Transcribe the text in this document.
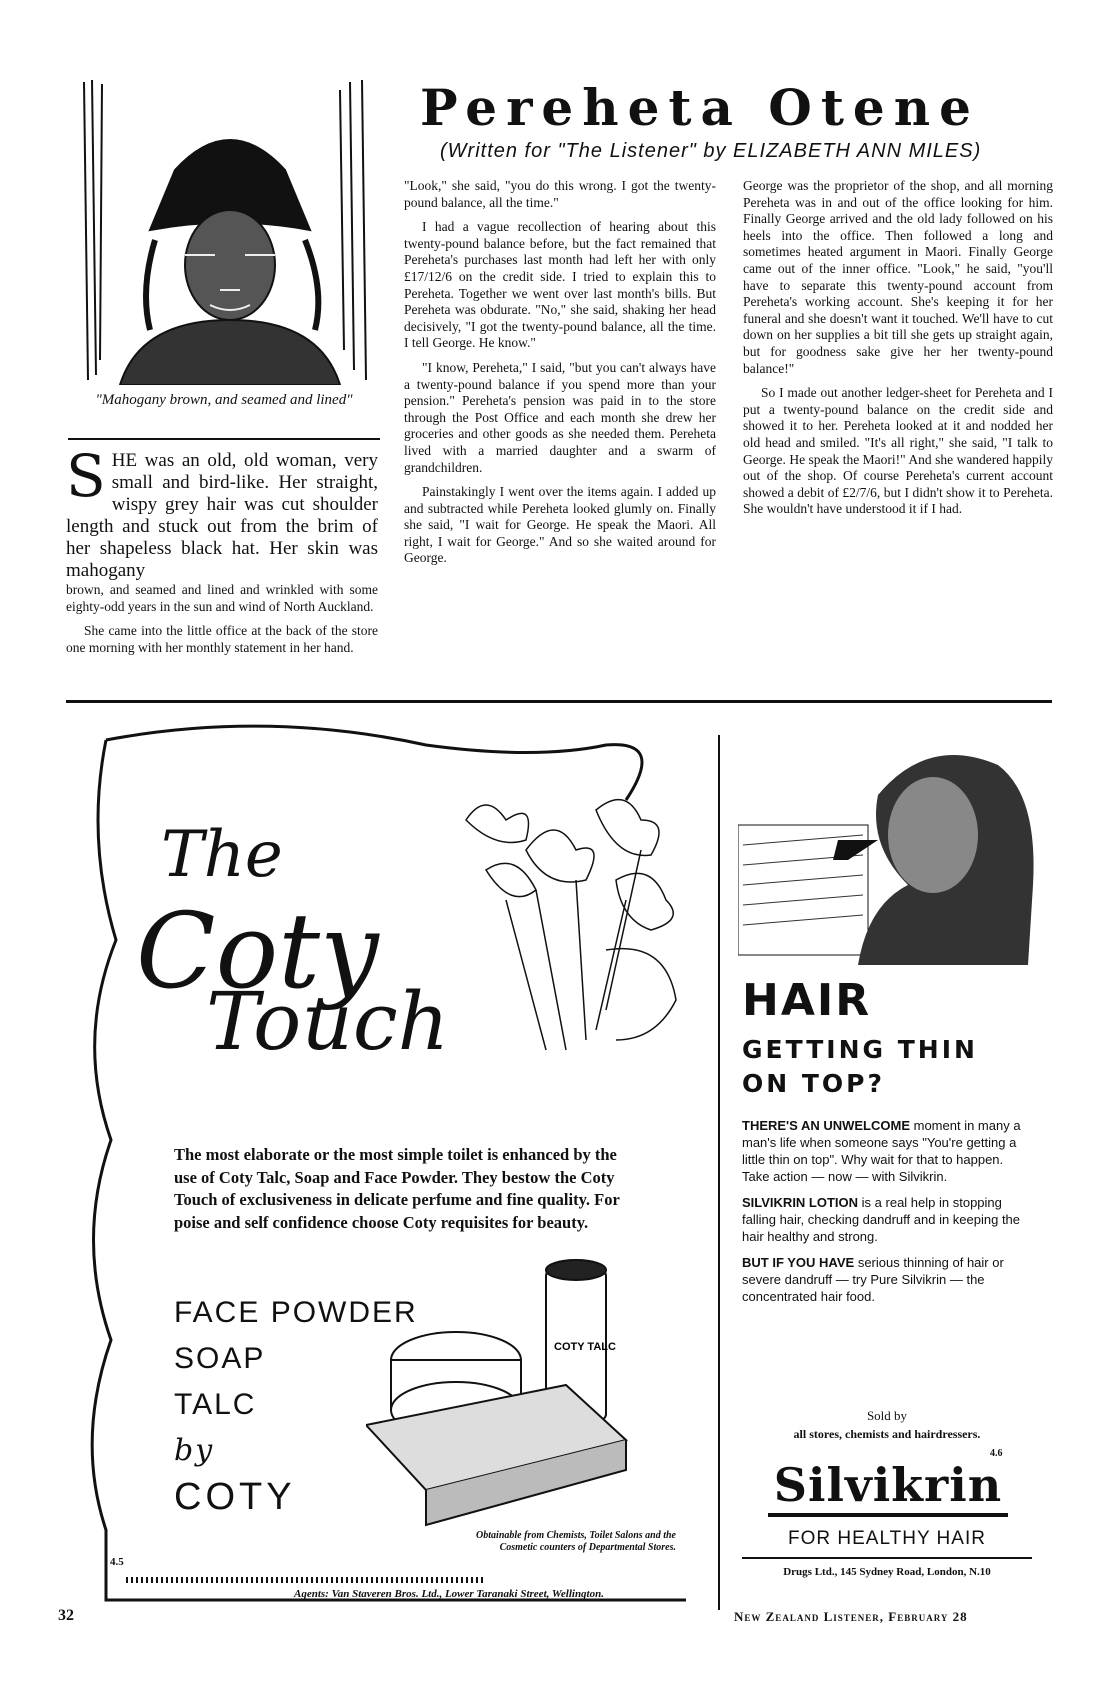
"Mahogany brown, and seamed and lined"
Pereheta Otene
(Written for "The Listener" by ELIZABETH ANN MILES)
SHE was an old, old woman, very small and bird-like. Her straight, wispy grey hair was cut shoulder length and stuck out from the brim of her shapeless black hat. Her skin was mahogany

brown, and seamed and lined and wrinkled with some eighty-odd years in the sun and wind of North Auckland.

She came into the little office at the back of the store one morning with her monthly statement in her hand.

"Look," she said, "you do this wrong. I got the twenty-pound balance, all the time."

I had a vague recollection of hearing about this twenty-pound balance before, but the fact remained that Pereheta's purchases last month had left her with only £17/12/6 on the credit side. I tried to explain this to Pereheta. Together we went over last month's bills. But Pereheta was obdurate. "No," she said, shaking her head decisively, "I got the twenty-pound balance, all the time. I tell George. He know."

"I know, Pereheta," I said, "but you can't always have a twenty-pound balance if you spend more than your pension." Pereheta's pension was paid in to the store through the Post Office and each month she drew her groceries and other goods as she needed them. Pereheta lived with a married daughter and a swarm of grandchildren.

Painstakingly I went over the items again. I added up and subtracted while Pereheta looked glumly on. Finally she said, "I wait for George. He speak the Maori. All right, I wait for George." And so she waited around for George.

George was the proprietor of the shop, and all morning Pereheta was in and out of the office looking for him. Finally George arrived and the old lady followed on his heels into the office. Then followed a long and sometimes heated argument in Maori. Finally George came out of the inner office. "Look," he said, "you'll have to separate this twenty-pound account from Pereheta's working account. She's keeping it for her funeral and she doesn't want it touched. We'll have to cut down on her supplies a bit till she gets up straight again, but for goodness sake give her her twenty-pound balance!"

So I made out another ledger-sheet for Pereheta and I put a twenty-pound balance on the credit side and showed it to her. Pereheta looked at it and nodded her old head and smiled. "It's all right," she said, "I talk to George. He speak the Maori!" And she wandered happily out of the shop. Of course Pereheta's current account showed a debit of £2/7/6, but I didn't show it to Pereheta. She wouldn't have understood it if I had.

The
Coty
Touch
The most elaborate or the most simple toilet is enhanced by the use of Coty Talc, Soap and Face Powder. They bestow the Coty Touch of exclusiveness in delicate perfume and fine quality. For poise and self confidence choose Coty requisites for beauty.
FACE POWDER
SOAP
TALC
by
COTY
COTY TALC
Obtainable from Chemists, Toilet Salons and the Cosmetic counters of Departmental Stores.
4.5
Agents: Van Staveren Bros. Ltd., Lower Taranaki Street, Wellington.
HAIR
GETTING THIN
ON TOP?

THERE'S AN UNWELCOME moment in many a man's life when someone says "You're getting a little thin on top". Why wait for that to happen. Take action — now — with Silvikrin.

SILVIKRIN LOTION is a real help in stopping falling hair, checking dandruff and in keeping the hair healthy and strong.

BUT IF YOU HAVE serious thinning of hair or severe dandruff — try Pure Silvikrin — the concentrated hair food.

Sold by
all stores, chemists and hairdressers.
4.6
Silvikrin
FOR HEALTHY HAIR
Drugs Ltd., 145 Sydney Road, London, N.10
32	New Zealand Listener, February 28
